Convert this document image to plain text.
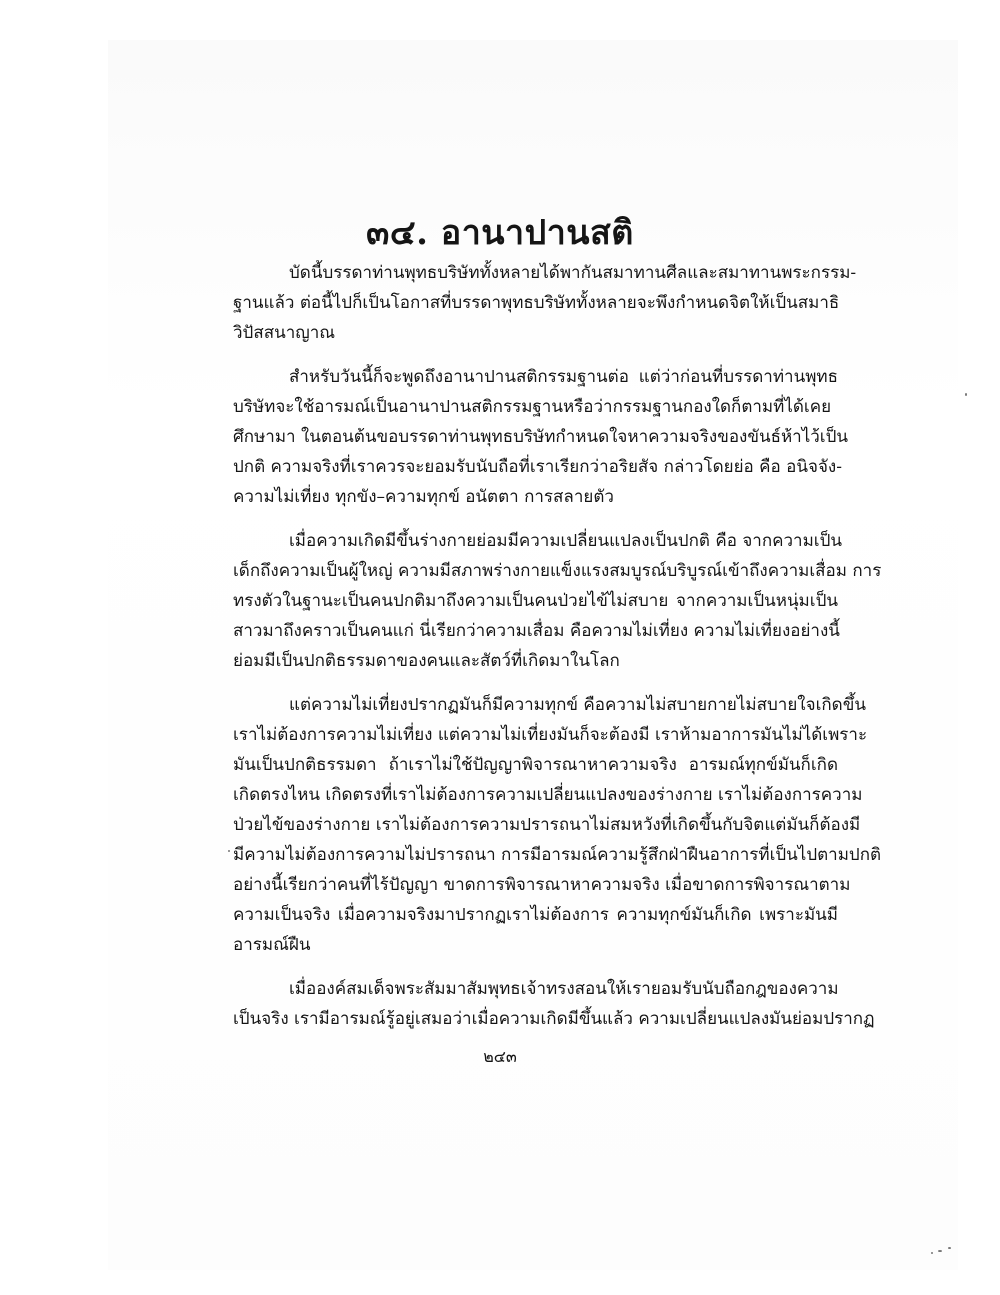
๓๔. อานาปานสติ
บัดนี้บรรดาท่านพุทธบริษัททั้งหลายได้พากันสมาทานศีลและสมาทานพระกรรม-
ฐานแล้ว ต่อนี้ไปก็เป็นโอกาสที่บรรดาพุทธบริษัททั้งหลายจะพึงกำหนดจิตให้เป็นสมาธิ
วิปัสสนาญาณ
สำหรับวันนี้ก็จะพูดถึงอานาปานสติกรรมฐานต่อ แต่ว่าก่อนที่บรรดาท่านพุทธ
บริษัทจะใช้อารมณ์เป็นอานาปานสติกรรมฐานหรือว่ากรรมฐานกองใดก็ตามที่ได้เคย
ศึกษามา ในตอนต้นขอบรรดาท่านพุทธบริษัทกำหนดใจหาความจริงของขันธ์ห้าไว้เป็น
ปกติ ความจริงที่เราควรจะยอมรับนับถือที่เราเรียกว่าอริยสัจ กล่าวโดยย่อ คือ อนิจจัง-
ความไม่เที่ยง ทุกขัง–ความทุกข์ อนัตตา การสลายตัว
เมื่อความเกิดมีขึ้นร่างกายย่อมมีความเปลี่ยนแปลงเป็นปกติ คือ จากความเป็น
เด็กถึงความเป็นผู้ใหญ่ ความมีสภาพร่างกายแข็งแรงสมบูรณ์บริบูรณ์เข้าถึงความเสื่อม การ
ทรงตัวในฐานะเป็นคนปกติมาถึงความเป็นคนป่วยไข้ไม่สบาย จากความเป็นหนุ่มเป็น
สาวมาถึงคราวเป็นคนแก่ นี่เรียกว่าความเสื่อม คือความไม่เที่ยง ความไม่เที่ยงอย่างนี้
ย่อมมีเป็นปกติธรรมดาของคนและสัตว์ที่เกิดมาในโลก
แต่ความไม่เที่ยงปรากฏมันก็มีความทุกข์ คือความไม่สบายกายไม่สบายใจเกิดขึ้น
เราไม่ต้องการความไม่เที่ยง แต่ความไม่เที่ยงมันก็จะต้องมี เราห้ามอาการมันไม่ได้เพราะ
มันเป็นปกติธรรมดา ถ้าเราไม่ใช้ปัญญาพิจารณาหาความจริง อารมณ์ทุกข์มันก็เกิด
เกิดตรงไหน เกิดตรงที่เราไม่ต้องการความเปลี่ยนแปลงของร่างกาย เราไม่ต้องการความ
ป่วยไข้ของร่างกาย เราไม่ต้องการความปรารถนาไม่สมหวังที่เกิดขึ้นกับจิตแต่มันก็ต้องมี
มีความไม่ต้องการความไม่ปรารถนา การมีอารมณ์ความรู้สึกฝ่าฝืนอาการที่เป็นไปตามปกติ
อย่างนี้เรียกว่าคนที่ไร้ปัญญา ขาดการพิจารณาหาความจริง เมื่อขาดการพิจารณาตาม
ความเป็นจริง เมื่อความจริงมาปรากฏเราไม่ต้องการ ความทุกข์มันก็เกิด เพราะมันมี
อารมณ์ฝืน
เมื่อองค์สมเด็จพระสัมมาสัมพุทธเจ้าทรงสอนให้เรายอมรับนับถือกฎของความ
เป็นจริง เรามีอารมณ์รู้อยู่เสมอว่าเมื่อความเกิดมีขึ้นแล้ว ความเปลี่ยนแปลงมันย่อมปรากฏ
๒๔๓
